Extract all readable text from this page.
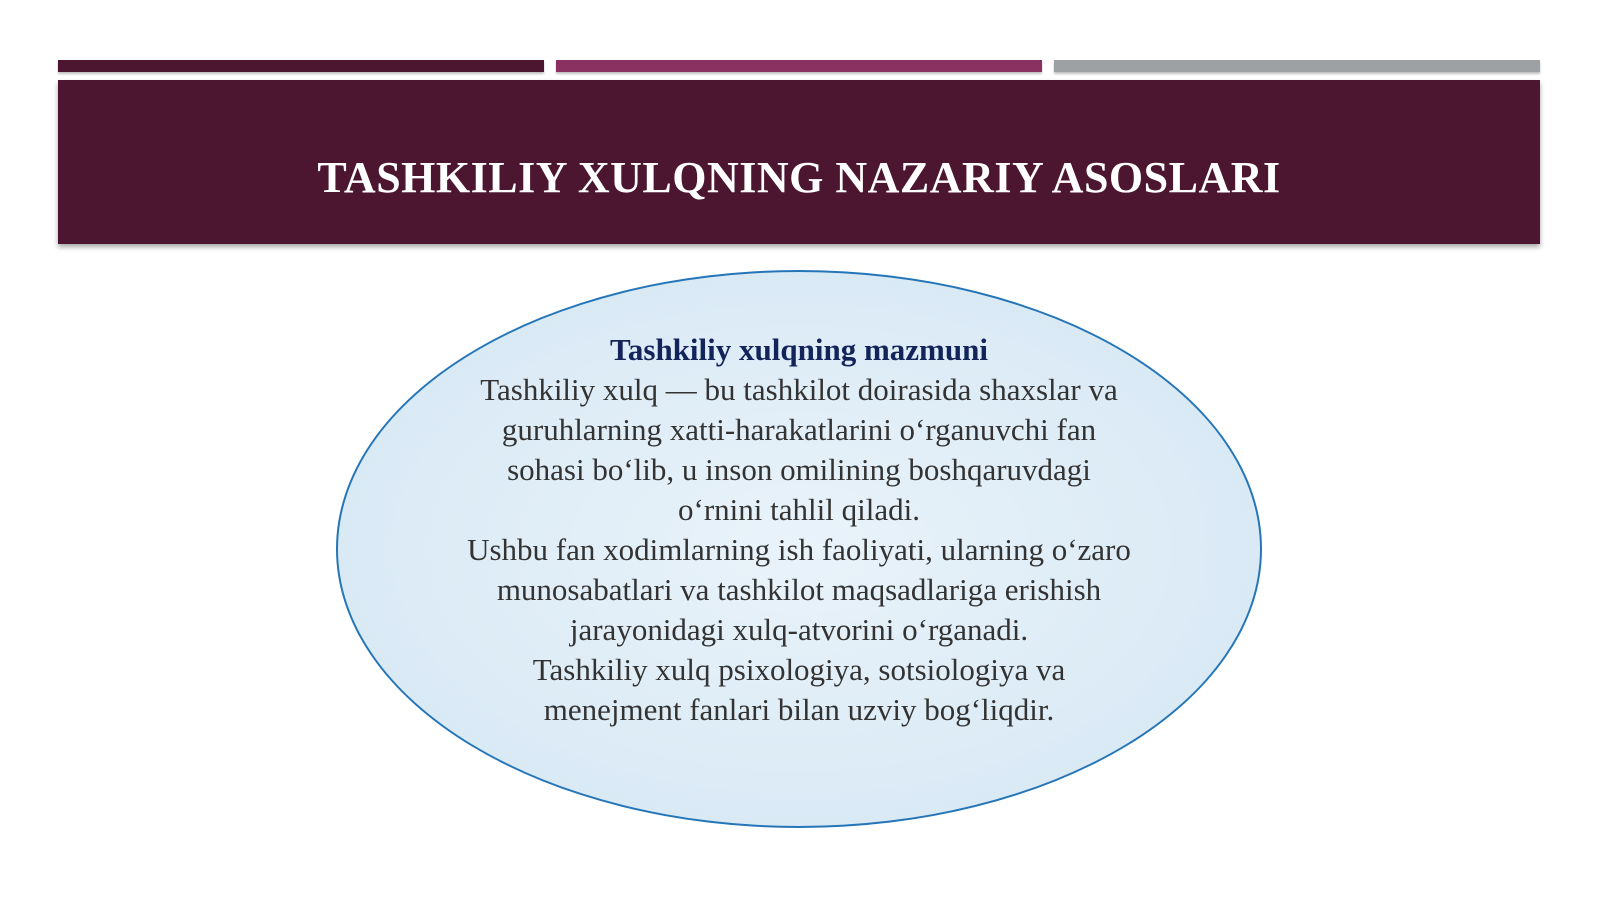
TASHKILIY XULQNING NAZARIY ASOSLARI
Tashkiliy xulqning mazmuni
Tashkiliy xulq — bu tashkilot doirasida shaxslar va guruhlarning xatti-harakatlarini o‘rganuvchi fan sohasi bo‘lib, u inson omilining boshqaruvdagi o‘rnini tahlil qiladi.
Ushbu fan xodimlarning ish faoliyati, ularning o‘zaro munosabatlari va tashkilot maqsadlariga erishish jarayonidagi xulq-atvorini o‘rganadi.
Tashkiliy xulq psixologiya, sotsiologiya va menejment fanlari bilan uzviy bog‘liqdir.
